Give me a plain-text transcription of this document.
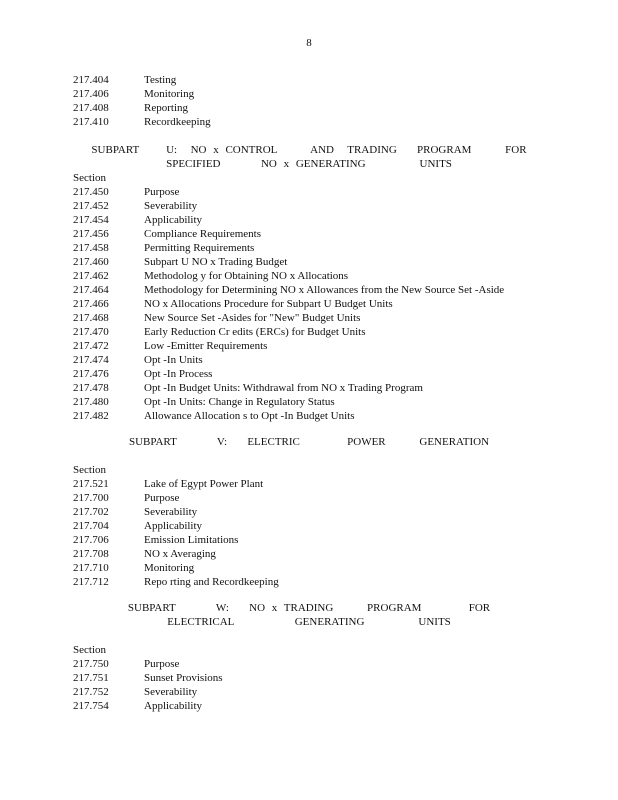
8
217.404	Testing
217.406	Monitoring
217.408	Reporting
217.410	Recordkeeping
SUBPART    U:  NO x CONTROL     AND  TRADING   PROGRAM     FOR
SPECIFIED      NO x GENERATING        UNITS
Section
217.450	Purpose
217.452	Severability
217.454	Applicability
217.456	Compliance Requirements
217.458	Permitting Requirements
217.460	Subpart U NO x Trading Budget
217.462	Methodolog y for Obtaining NO x Allocations
217.464	Methodology for Determining NO x Allowances from the New Source Set -Aside
217.466	NO x Allocations Procedure for Subpart U Budget Units
217.468	New Source Set -Asides for "New" Budget Units
217.470	Early Reduction Cr edits (ERCs) for Budget Units
217.472	Low -Emitter Requirements
217.474	Opt -In Units
217.476	Opt -In Process
217.478	Opt -In Budget Units: Withdrawal from NO x Trading Program
217.480	Opt -In Units: Change in Regulatory Status
217.482	Allowance Allocation s to Opt -In Budget Units
SUBPART      V:   ELECTRIC       POWER     GENERATION
Section
217.521	Lake of Egypt Power Plant
217.700	Purpose
217.702	Severability
217.704	Applicability
217.706	Emission Limitations
217.708	NO x Averaging
217.710	Monitoring
217.712	Repo rting and Recordkeeping
SUBPART      W:   NO x TRADING     PROGRAM       FOR
ELECTRICAL         GENERATING        UNITS
Section
217.750	Purpose
217.751	Sunset Provisions
217.752	Severability
217.754	Applicability
